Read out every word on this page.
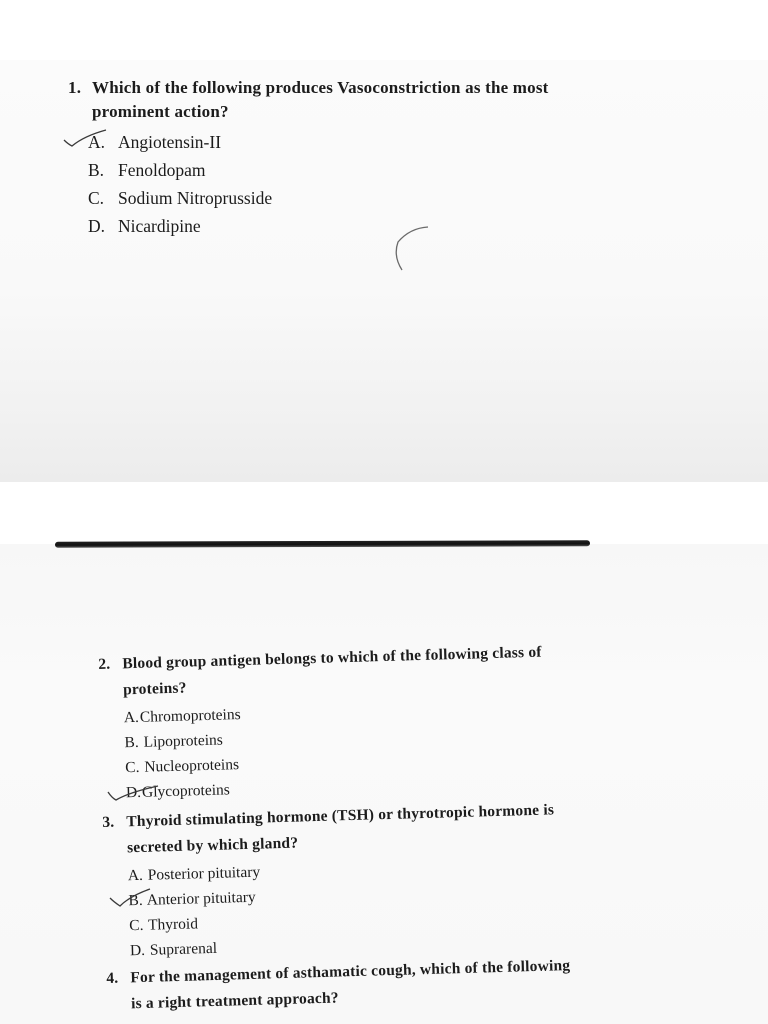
1. Which of the following produces Vasoconstriction as the most
prominent action?

A. Angiotensin-II
B. Fenoldopam
C. Sodium Nitroprusside
D. Nicardipine

2. Blood group antigen belongs to which of the following class of
proteins?

A.Chromoproteins
B. Lipoproteins
C. Nucleoproteins
D.Glycoproteins

3. Thyroid stimulating hormone (TSH) or thyrotropic hormone is
secreted by which gland?

A. Posterior pituitary
B. Anterior pituitary
C. Thyroid
D. Suprarenal

4. For the management of asthamatic cough, which of the following
is a right treatment approach?
